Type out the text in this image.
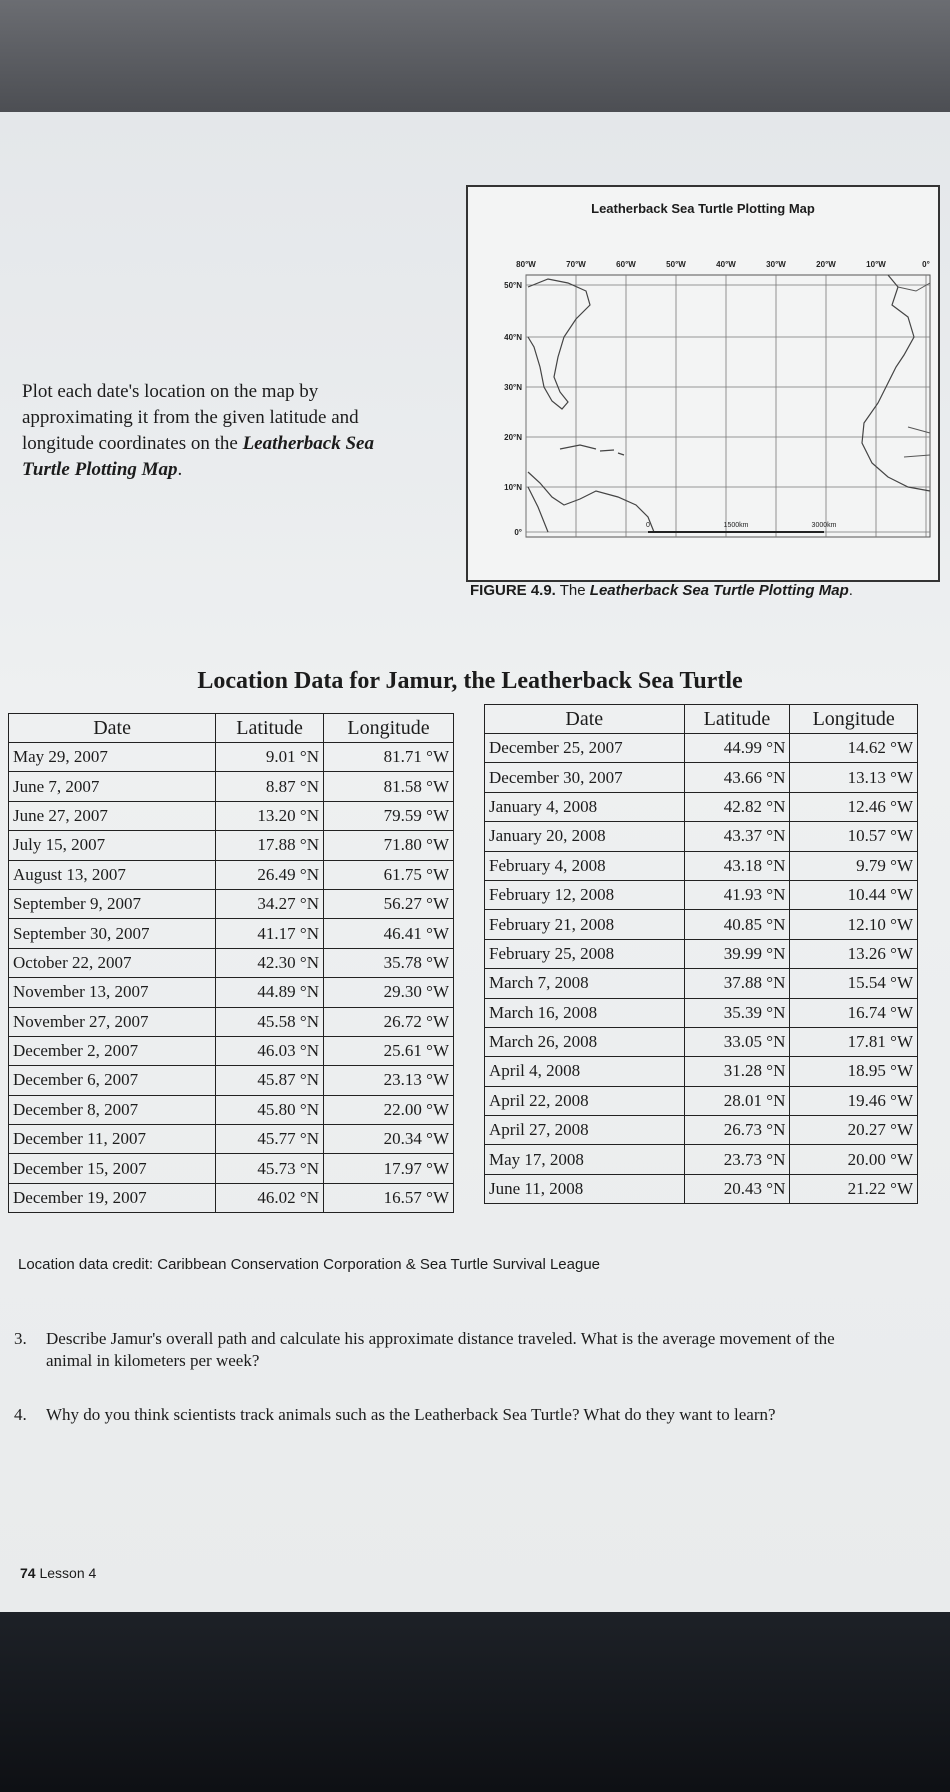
Plot each date's location on the map by approximating it from the given latitude and longitude coordinates on the Leatherback Sea Turtle Plotting Map.

Leatherback Sea Turtle Plotting Map
80°W	70°W	60°W	50°W	40°W	30°W	20°W	10°W	0°
50°N
40°N
30°N
20°N
10°N
0°
0	1500km	3000km
FIGURE 4.9. The Leatherback Sea Turtle Plotting Map.
Location Data for Jamur, the Leatherback Sea Turtle
Date	Latitude	Longitude
May 29, 2007	9.01 °N	81.71 °W
June 7, 2007	8.87 °N	81.58 °W
June 27, 2007	13.20 °N	79.59 °W
July 15, 2007	17.88 °N	71.80 °W
August 13, 2007	26.49 °N	61.75 °W
September 9, 2007	34.27 °N	56.27 °W
September 30, 2007	41.17 °N	46.41 °W
October 22, 2007	42.30 °N	35.78 °W
November 13, 2007	44.89 °N	29.30 °W
November 27, 2007	45.58 °N	26.72 °W
December 2, 2007	46.03 °N	25.61 °W
December 6, 2007	45.87 °N	23.13 °W
December 8, 2007	45.80 °N	22.00 °W
December 11, 2007	45.77 °N	20.34 °W
December 15, 2007	45.73 °N	17.97 °W
December 19, 2007	46.02 °N	16.57 °W
Date	Latitude	Longitude
December 25, 2007	44.99 °N	14.62 °W
December 30, 2007	43.66 °N	13.13 °W
January 4, 2008	42.82 °N	12.46 °W
January 20, 2008	43.37 °N	10.57 °W
February 4, 2008	43.18 °N	9.79 °W
February 12, 2008	41.93 °N	10.44 °W
February 21, 2008	40.85 °N	12.10 °W
February 25, 2008	39.99 °N	13.26 °W
March 7, 2008	37.88 °N	15.54 °W
March 16, 2008	35.39 °N	16.74 °W
March 26, 2008	33.05 °N	17.81 °W
April 4, 2008	31.28 °N	18.95 °W
April 22, 2008	28.01 °N	19.46 °W
April 27, 2008	26.73 °N	20.27 °W
May 17, 2008	23.73 °N	20.00 °W
June 11, 2008	20.43 °N	21.22 °W
Location data credit: Caribbean Conservation Corporation & Sea Turtle Survival League
3. Describe Jamur's overall path and calculate his approximate distance traveled. What is the average movement of the animal in kilometers per week?
4. Why do you think scientists track animals such as the Leatherback Sea Turtle? What do they want to learn?
74 Lesson 4
